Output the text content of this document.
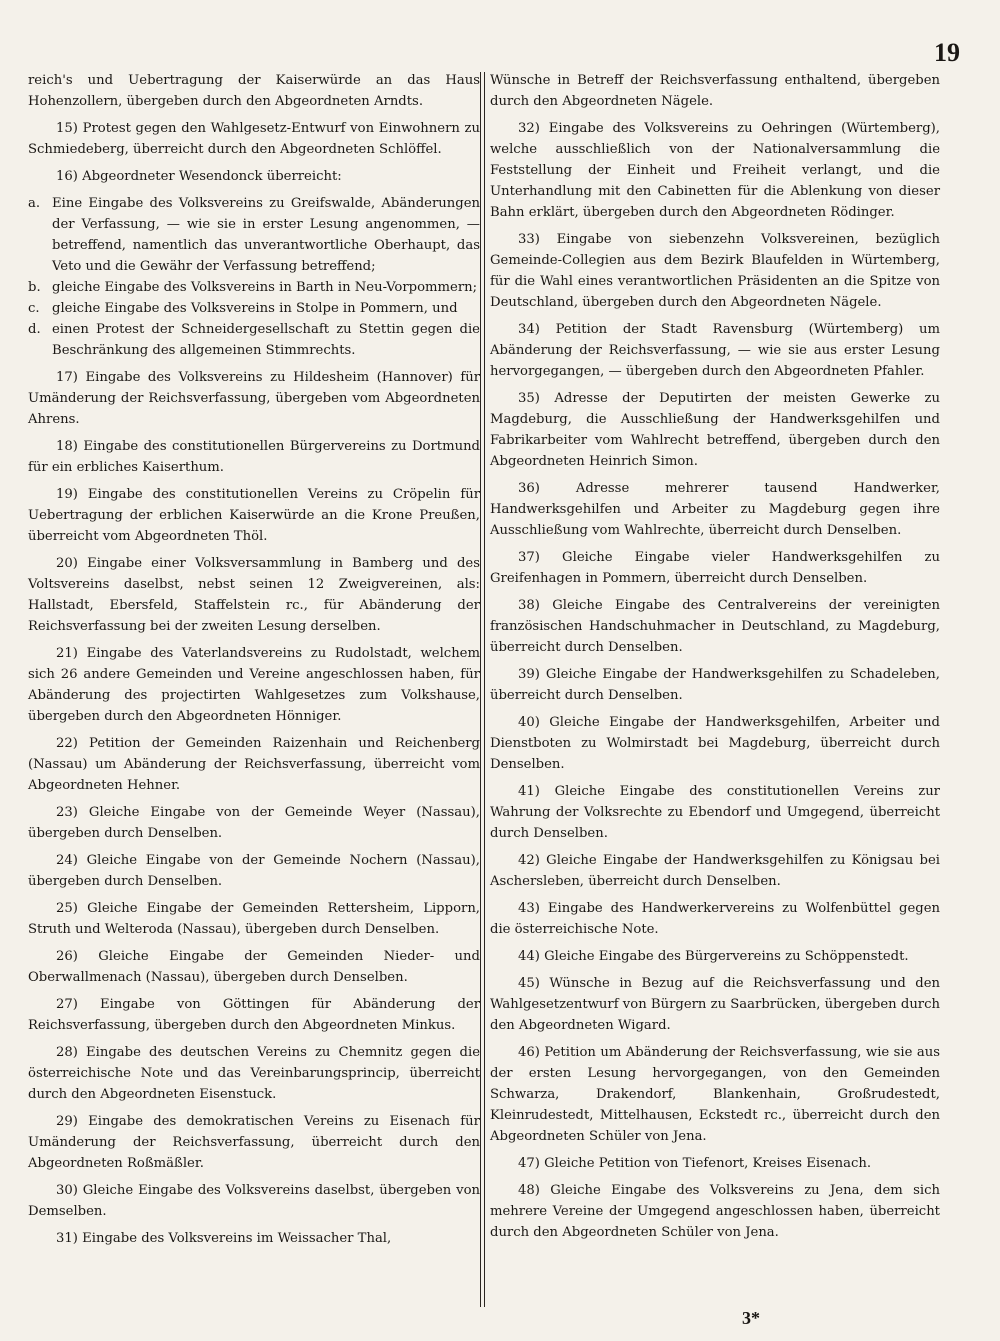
19

reich's und Uebertragung der Kaiserwürde an das Haus Hohenzollern, übergeben durch den Abgeordneten Arndts.

15) Protest gegen den Wahlgesetz-Entwurf von Einwohnern zu Schmiedeberg, überreicht durch den Abgeordneten Schlöffel.

16) Abgeordneter Wesendonck überreicht:

a. Eine Eingabe des Volksvereins zu Greifswalde, Abänderungen der Verfassung, — wie sie in erster Lesung angenommen, — betreffend, namentlich das unverantwortliche Oberhaupt, das Veto und die Gewähr der Verfassung betreffend;

b. gleiche Eingabe des Volksvereins in Barth in Neu-Vorpommern;

c. gleiche Eingabe des Volksvereins in Stolpe in Pommern, und

d. einen Protest der Schneidergesellschaft zu Stettin gegen die Beschränkung des allgemeinen Stimmrechts.

17) Eingabe des Volksvereins zu Hildesheim (Hannover) für Umänderung der Reichsverfassung, übergeben vom Abgeordneten Ahrens.

18) Eingabe des constitutionellen Bürgervereins zu Dortmund für ein erbliches Kaiserthum.

19) Eingabe des constitutionellen Vereins zu Cröpelin für Uebertragung der erblichen Kaiserwürde an die Krone Preußen, überreicht vom Abgeordneten Thöl.

20) Eingabe einer Volksversammlung in Bamberg und des Voltsvereins daselbst, nebst seinen 12 Zweigvereinen, als: Hallstadt, Ebersfeld, Staffelstein rc., für Abänderung der Reichsverfassung bei der zweiten Lesung derselben.

21) Eingabe des Vaterlandsvereins zu Rudolstadt, welchem sich 26 andere Gemeinden und Vereine angeschlossen haben, für Abänderung des projectirten Wahlgesetzes zum Volkshause, übergeben durch den Abgeordneten Hönniger.

22) Petition der Gemeinden Raizenhain und Reichenberg (Nassau) um Abänderung der Reichsverfassung, überreicht vom Abgeordneten Hehner.

23) Gleiche Eingabe von der Gemeinde Weyer (Nassau), übergeben durch Denselben.

24) Gleiche Eingabe von der Gemeinde Nochern (Nassau), übergeben durch Denselben.

25) Gleiche Eingabe der Gemeinden Rettersheim, Lipporn, Struth und Welteroda (Nassau), übergeben durch Denselben.

26) Gleiche Eingabe der Gemeinden Nieder- und Oberwallmenach (Nassau), übergeben durch Denselben.

27) Eingabe von Göttingen für Abänderung der Reichsverfassung, übergeben durch den Abgeordneten Minkus.

28) Eingabe des deutschen Vereins zu Chemnitz gegen die österreichische Note und das Vereinbarungsprincip, überreicht durch den Abgeordneten Eisenstuck.

29) Eingabe des demokratischen Vereins zu Eisenach für Umänderung der Reichsverfassung, überreicht durch den Abgeordneten Roßmäßler.

30) Gleiche Eingabe des Volksvereins daselbst, übergeben von Demselben.

31) Eingabe des Volksvereins im Weissacher Thal,

Wünsche in Betreff der Reichsverfassung enthaltend, übergeben durch den Abgeordneten Nägele.

32) Eingabe des Volksvereins zu Oehringen (Würtemberg), welche ausschließlich von der Nationalversammlung die Feststellung der Einheit und Freiheit verlangt, und die Unterhandlung mit den Cabinetten für die Ablenkung von dieser Bahn erklärt, übergeben durch den Abgeordneten Rödinger.

33) Eingabe von siebenzehn Volksvereinen, bezüglich Gemeinde-Collegien aus dem Bezirk Blaufelden in Würtemberg, für die Wahl eines verantwortlichen Präsidenten an die Spitze von Deutschland, übergeben durch den Abgeordneten Nägele.

34) Petition der Stadt Ravensburg (Würtemberg) um Abänderung der Reichsverfassung, — wie sie aus erster Lesung hervorgegangen, — übergeben durch den Abgeordneten Pfahler.

35) Adresse der Deputirten der meisten Gewerke zu Magdeburg, die Ausschließung der Handwerksgehilfen und Fabrikarbeiter vom Wahlrecht betreffend, übergeben durch den Abgeordneten Heinrich Simon.

36) Adresse mehrerer tausend Handwerker, Handwerksgehilfen und Arbeiter zu Magdeburg gegen ihre Ausschließung vom Wahlrechte, überreicht durch Denselben.

37) Gleiche Eingabe vieler Handwerksgehilfen zu Greifenhagen in Pommern, überreicht durch Denselben.

38) Gleiche Eingabe des Centralvereins der vereinigten französischen Handschuhmacher in Deutschland, zu Magdeburg, überreicht durch Denselben.

39) Gleiche Eingabe der Handwerksgehilfen zu Schadeleben, überreicht durch Denselben.

40) Gleiche Eingabe der Handwerksgehilfen, Arbeiter und Dienstboten zu Wolmirstadt bei Magdeburg, überreicht durch Denselben.

41) Gleiche Eingabe des constitutionellen Vereins zur Wahrung der Volksrechte zu Ebendorf und Umgegend, überreicht durch Denselben.

42) Gleiche Eingabe der Handwerksgehilfen zu Königsau bei Aschersleben, überreicht durch Denselben.

43) Eingabe des Handwerkervereins zu Wolfenbüttel gegen die österreichische Note.

44) Gleiche Eingabe des Bürgervereins zu Schöppenstedt.

45) Wünsche in Bezug auf die Reichsverfassung und den Wahlgesetzentwurf von Bürgern zu Saarbrücken, übergeben durch den Abgeordneten Wigard.

46) Petition um Abänderung der Reichsverfassung, wie sie aus der ersten Lesung hervorgegangen, von den Gemeinden Schwarza, Drakendorf, Blankenhain, Großrudestedt, Kleinrudestedt, Mittelhausen, Eckstedt rc., überreicht durch den Abgeordneten Schüler von Jena.

47) Gleiche Petition von Tiefenort, Kreises Eisenach.

48) Gleiche Eingabe des Volksvereins zu Jena, dem sich mehrere Vereine der Umgegend angeschlossen haben, überreicht durch den Abgeordneten Schüler von Jena.

3*
